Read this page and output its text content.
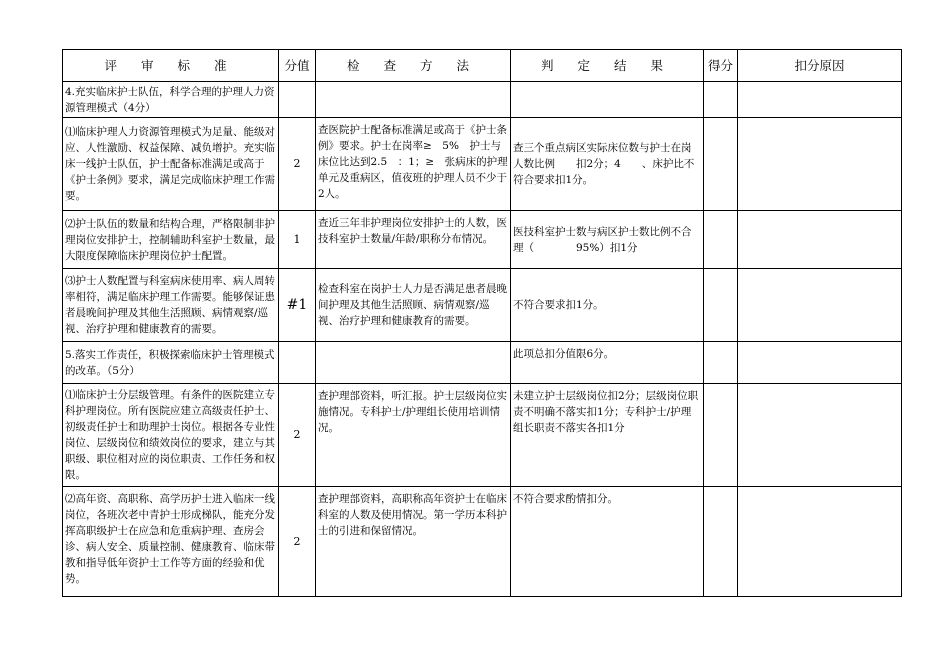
评 审 标 准	分值	检 查 方 法	判 定 结 果	得分	扣分原因
4.充实临床护士队伍，科学合理的护理人力资源管理模式（4分）					
⑴临床护理人力资源管理模式为足量、能级对应、人性激励、权益保障、减负增护。充实临床一线护士队伍，护士配备标准满足或高于《护士条例》要求，满足完成临床护理工作需要。	2	查医院护士配备标准满足或高于《护士条例》要求。护士在岗率≥　5%　护士与床位比达到2.5　：1；≥　张病床的护理单元及重病区，值夜班的护理人员不少于2人。	查三个重点病区实际床位数与护士在岗人数比例　　扣2分；4　　、床护比不符合要求扣1分。		
⑵护士队伍的数量和结构合理，严格限制非护理岗位安排护士，控制辅助科室护士数量，最大限度保障临床护理岗位护士配置。	1	查近三年非护理岗位安排护士的人数，医技科室护士数量/年龄/职称分布情况。	医技科室护士数与病区护士数比例不合理（　　　　95%）扣1分		
⑶护士人数配置与科室病床使用率、病人周转率相符，满足临床护理工作需要。能够保证患者晨晚间护理及其他生活照顾、病情观察/巡视、治疗护理和健康教育的需要。	#1	检查科室在岗护士人力是否满足患者晨晚间护理及其他生活照顾、病情观察/巡视、治疗护理和健康教育的需要。	不符合要求扣1分。		
5.落实工作责任，积极探索临床护士管理模式的改革。（5分）			此项总扣分值限6分。		
⑴临床护士分层级管理。有条件的医院建立专科护理岗位。所有医院应建立高级责任护士、初级责任护士和助理护士岗位。根据各专业性岗位、层级岗位和绩效岗位的要求，建立与其职级、职位相对应的岗位职责、工作任务和权限。	2	查护理部资料，听汇报。护士层级岗位实施情况。专科护士/护理组长使用培训情况。	未建立护士层级岗位扣2分；层级岗位职责不明确不落实扣1分；专科护士/护理组长职责不落实各扣1分		
⑵高年资、高职称、高学历护士进入临床一线岗位，各班次老中青护士形成梯队，能充分发挥高职级护士在应急和危重病护理、查房会诊、病人安全、质量控制、健康教育、临床带教和指导低年资护士工作等方面的经验和优势。	2	查护理部资料，高职称高年资护士在临床科室的人数及使用情况。第一学历本科护士的引进和保留情况。	不符合要求酌情扣分。		
